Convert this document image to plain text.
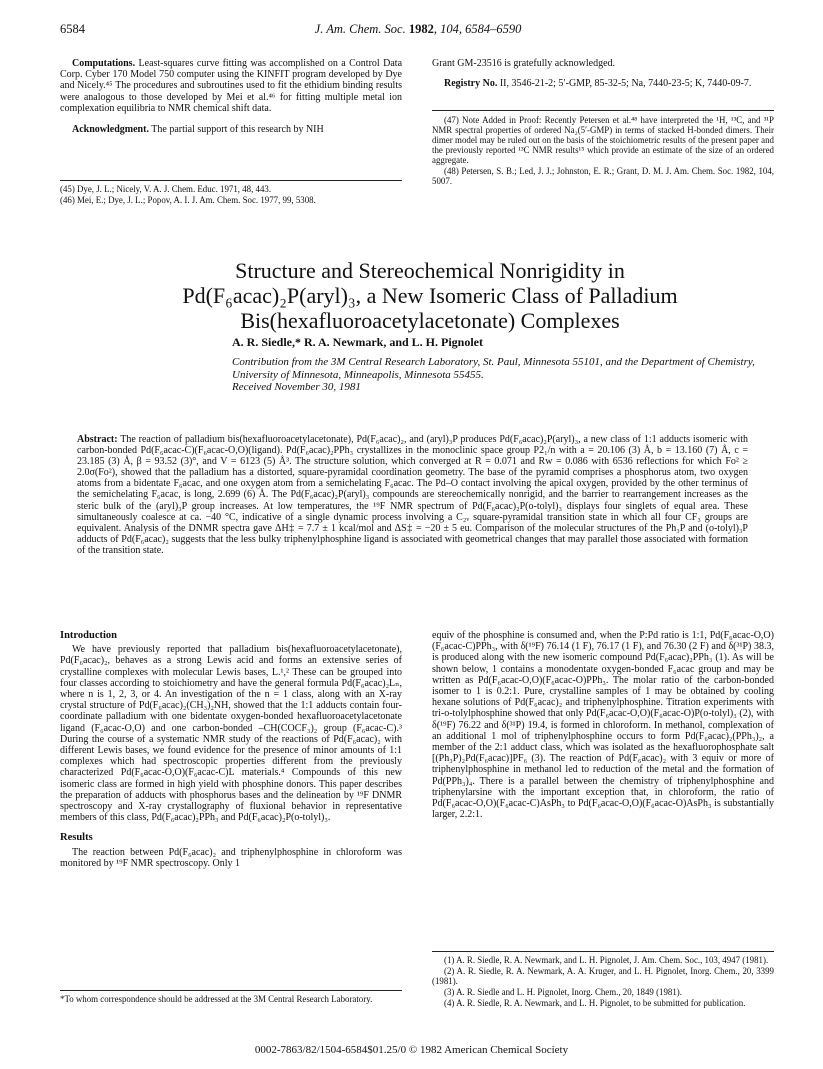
6584	J. Am. Chem. Soc. 1982, 104, 6584–6590

Computations. Least-squares curve fitting was accomplished on a Control Data Corp. Cyber 170 Model 750 computer using the KINFIT program developed by Dye and Nicely.⁴⁵ The procedures and subroutines used to fit the ethidium binding results were analogous to those developed by Mei et al.⁴⁶ for fitting multiple metal ion complexation equilibria to NMR chemical shift data.

Acknowledgment. The partial support of this research by NIH

(45) Dye, J. L.; Nicely, V. A. J. Chem. Educ. 1971, 48, 443.

(46) Mei, E.; Dye, J. L.; Popov, A. I. J. Am. Chem. Soc. 1977, 99, 5308.

Grant GM-23516 is gratefully acknowledged.

Registry No. II, 3546-21-2; 5′-GMP, 85-32-5; Na, 7440-23-5; K, 7440-09-7.

(47) Note Added in Proof: Recently Petersen et al.⁴⁸ have interpreted the ¹H, ¹³C, and ³¹P NMR spectral properties of ordered Na₂(5′-GMP) in terms of stacked H-bonded dimers. Their dimer model may be ruled out on the basis of the stoichiometric results of the present paper and the previously reported ¹³C NMR results¹⁵ which provide an estimate of the size of an ordered aggregate.

(48) Petersen, S. B.; Led, J. J.; Johnston, E. R.; Grant, D. M. J. Am. Chem. Soc. 1982, 104, 5007.

Structure and Stereochemical Nonrigidity in Pd(F₆acac)₂P(aryl)₃, a New Isomeric Class of Palladium Bis(hexafluoroacetylacetonate) Complexes
A. R. Siedle,* R. A. Newmark, and L. H. Pignolet
Contribution from the 3M Central Research Laboratory, St. Paul, Minnesota 55101, and the Department of Chemistry, University of Minnesota, Minneapolis, Minnesota 55455.
Received November 30, 1981
Abstract: The reaction of palladium bis(hexafluoroacetylacetonate), Pd(F₆acac)₂, and (aryl)₃P produces Pd(F₆acac)₂P(aryl)₃, a new class of 1:1 adducts isomeric with carbon-bonded Pd(F₆acac-C)(F₆acac-O,O)(ligand). Pd(F₆acac)₂PPh₃ crystallizes in the monoclinic space group P2₁/n with a = 20.106 (3) Å, b = 13.160 (7) Å, c = 23.185 (3) Å, β = 93.52 (3)°, and V = 6123 (5) Å³. The structure solution, which converged at R = 0.071 and Rw = 0.086 with 6536 reflections for which Fo² ≥ 2.0σ(Fo²), showed that the palladium has a distorted, square-pyramidal coordination geometry. The base of the pyramid comprises a phosphorus atom, two oxygen atoms from a bidentate F₆acac, and one oxygen atom from a semichelating F₆acac. The Pd–O contact involving the apical oxygen, provided by the other terminus of the semichelating F₆acac, is long, 2.699 (6) Å. The Pd(F₆acac)₂P(aryl)₃ compounds are stereochemically nonrigid, and the barrier to rearrangement increases as the steric bulk of the (aryl)₃P group increases. At low temperatures, the ¹⁹F NMR spectrum of Pd(F₆acac)₂P(o-tolyl)₃ displays four singlets of equal area. These simultaneously coalesce at ca. −40 °C, indicative of a single dynamic process involving a C₂ᵥ square-pyramidal transition state in which all four CF₃ groups are equivalent. Analysis of the DNMR spectra gave ΔH‡ = 7.7 ± 1 kcal/mol and ΔS‡ = −20 ± 5 eu. Comparison of the molecular structures of the Ph₃P and (o-tolyl)₃P adducts of Pd(F₆acac)₂ suggests that the less bulky triphenylphosphine ligand is associated with geometrical changes that may parallel those associated with formation of the transition state.
Introduction

We have previously reported that palladium bis(hexafluoroacetylacetonate), Pd(F₆acac)₂, behaves as a strong Lewis acid and forms an extensive series of crystalline complexes with molecular Lewis bases, L.¹,² These can be grouped into four classes according to stoichiometry and have the general formula Pd(F₆acac)₂Lₙ, where n is 1, 2, 3, or 4. An investigation of the n = 1 class, along with an X-ray crystal structure of Pd(F₆acac)₂(CH₃)₂NH, showed that the 1:1 adducts contain four-coordinate palladium with one bidentate oxygen-bonded hexafluoroacetylacetonate ligand (F₆acac-O,O) and one carbon-bonded –CH(COCF₃)₂ group (F₆acac-C).³ During the course of a systematic NMR study of the reactions of Pd(F₆acac)₂ with different Lewis bases, we found evidence for the presence of minor amounts of 1:1 complexes which had spectroscopic properties different from the previously characterized Pd(F₆acac-O,O)(F₆acac-C)L materials.⁴ Compounds of this new isomeric class are formed in high yield with phosphine donors. This paper describes the preparation of adducts with phosphorus bases and the delineation by ¹⁹F DNMR spectroscopy and X-ray crystallography of fluxional behavior in representative members of this class, Pd(F₆acac)₂PPh₃ and Pd(F₆acac)₂P(o-tolyl)₃.

Results

The reaction between Pd(F₆acac)₂ and triphenylphosphine in chloroform was monitored by ¹⁹F NMR spectroscopy. Only 1

*To whom correspondence should be addressed at the 3M Central Research Laboratory.

equiv of the phosphine is consumed and, when the P:Pd ratio is 1:1, Pd(F₆acac-O,O)(F₆acac-C)PPh₃, with δ(¹⁹F) 76.14 (1 F), 76.17 (1 F), and 76.30 (2 F) and δ(³¹P) 38.3, is produced along with the new isomeric compound Pd(F₆acac)₂PPh₃ (1). As will be shown below, 1 contains a monodentate oxygen-bonded F₆acac group and may be written as Pd(F₆acac-O,O)(F₆acac-O)PPh₃. The molar ratio of the carbon-bonded isomer to 1 is 0.2:1. Pure, crystalline samples of 1 may be obtained by cooling hexane solutions of Pd(F₆acac)₂ and triphenylphosphine. Titration experiments with tri-o-tolylphosphine showed that only Pd(F₆acac-O,O)(F₆acac-O)P(o-tolyl)₃ (2), with δ(¹⁹F) 76.22 and δ(³¹P) 19.4, is formed in chloroform. In methanol, complexation of an additional 1 mol of triphenylphosphine occurs to form Pd(F₆acac)₂(PPh₃)₂, a member of the 2:1 adduct class, which was isolated as the hexafluorophosphate salt [(Ph₃P)₂Pd(F₆acac)]PF₆ (3). The reaction of Pd(F₆acac)₂ with 3 equiv or more of triphenylphosphine in methanol led to reduction of the metal and the formation of Pd(PPh₃)₄. There is a parallel between the chemistry of triphenylphosphine and triphenylarsine with the important exception that, in chloroform, the ratio of Pd(F₆acac-O,O)(F₆acac-C)AsPh₃ to Pd(F₆acac-O,O)(F₆acac-O)AsPh₃ is substantially larger, 2.2:1.

(1) A. R. Siedle, R. A. Newmark, and L. H. Pignolet, J. Am. Chem. Soc., 103, 4947 (1981).

(2) A. R. Siedle, R. A. Newmark, A. A. Kruger, and L. H. Pignolet, Inorg. Chem., 20, 3399 (1981).

(3) A. R. Siedle and L. H. Pignolet, Inorg. Chem., 20, 1849 (1981).

(4) A. R. Siedle, R. A. Newmark, and L. H. Pignolet, to be submitted for publication.

0002-7863/82/1504-6584$01.25/0 © 1982 American Chemical Society
